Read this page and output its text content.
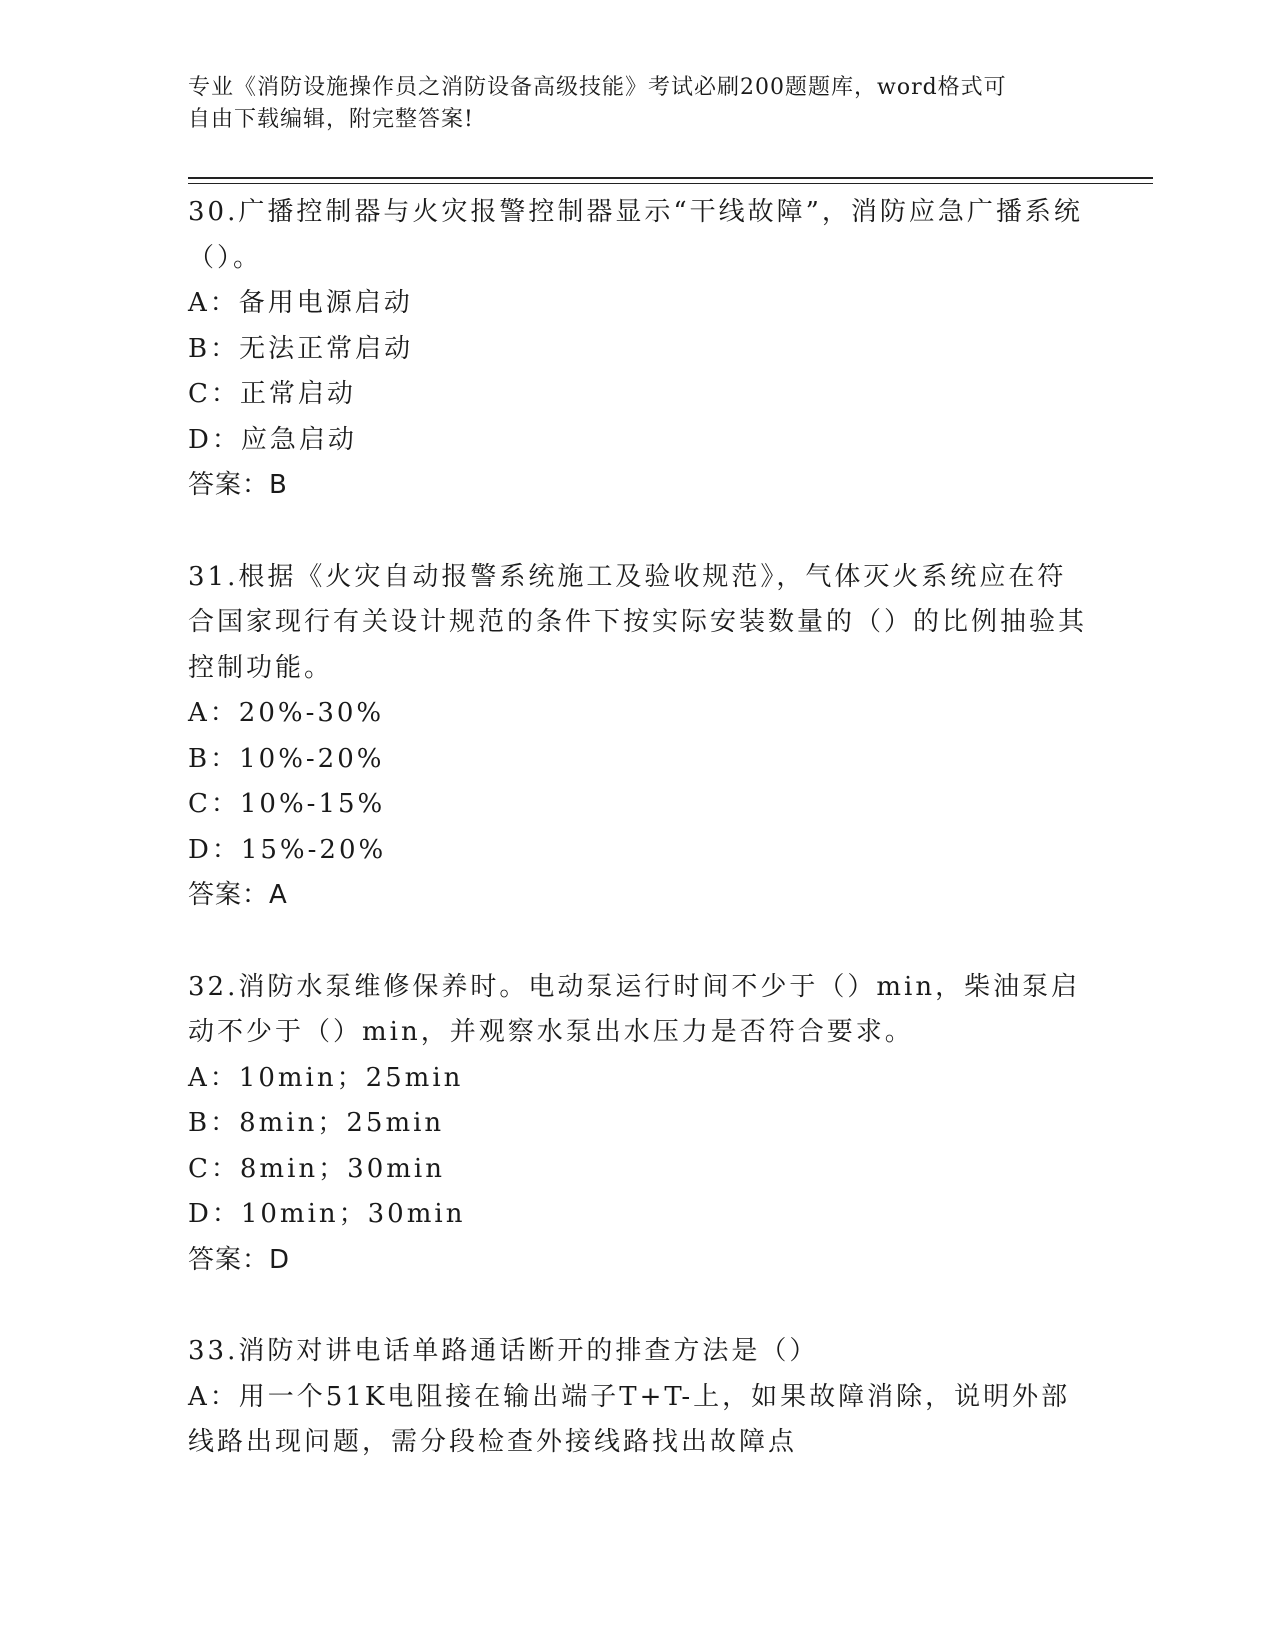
专业《消防设施操作员之消防设备高级技能》考试必刷200题题库，word格式可
自由下载编辑，附完整答案!

30.广播控制器与火灾报警控制器显示“干线故障”，消防应急广播系统（）。

A：备用电源启动

B：无法正常启动

C：正常启动

D：应急启动

答案：B

31.根据《火灾自动报警系统施工及验收规范》，气体灭火系统应在符合国家现行有关设计规范的条件下按实际安装数量的（）的比例抽验其控制功能。

A：20%-30%

B：10%-20%

C：10%-15%

D：15%-20%

答案：A

32.消防水泵维修保养时。电动泵运行时间不少于（）min，柴油泵启动不少于（）min，并观察水泵出水压力是否符合要求。

A：10min；25min

B：8min；25min

C：8min；30min

D：10min；30min

答案：D

33.消防对讲电话单路通话断开的排查方法是（）

A：用一个51K电阻接在输出端子T+T-上，如果故障消除，说明外部线路出现问题，需分段检查外接线路找出故障点
